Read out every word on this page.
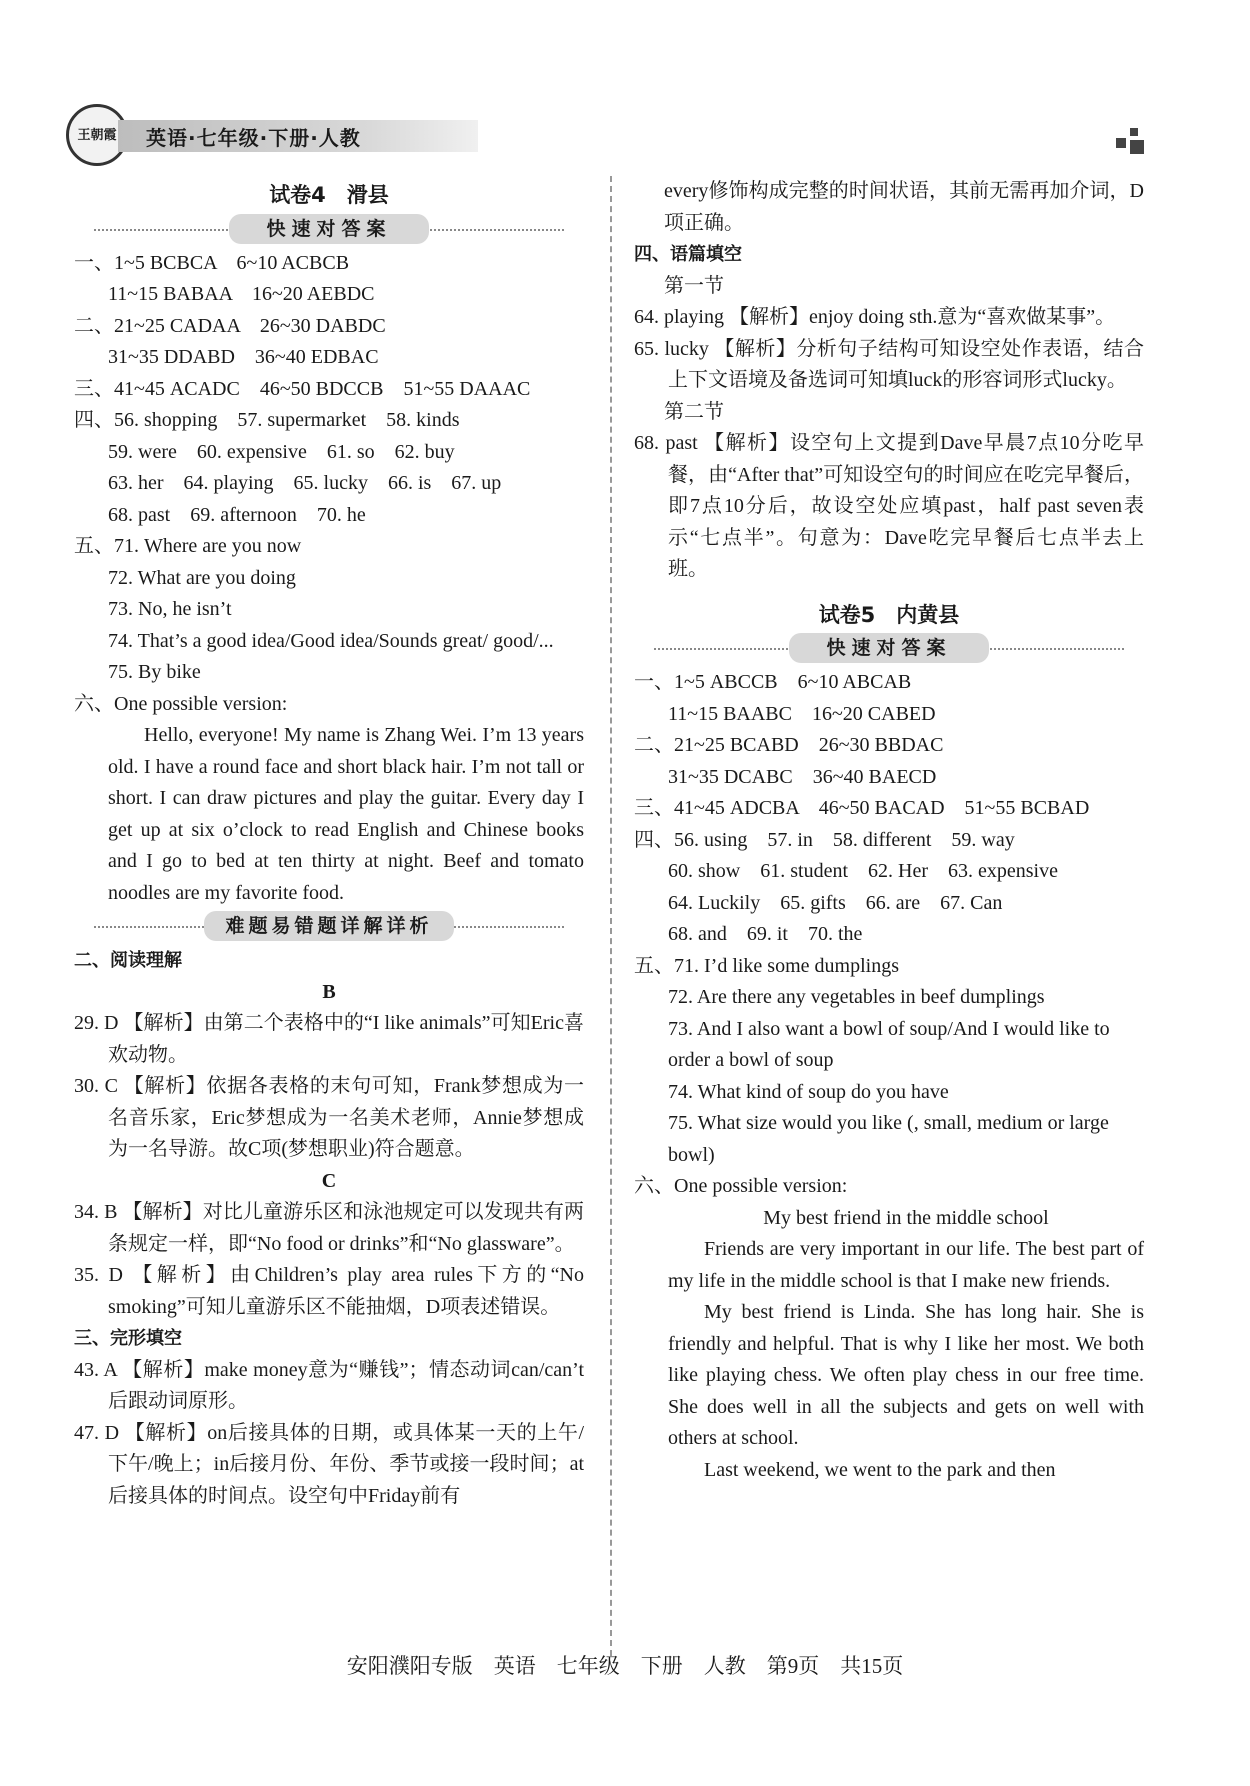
王朝霞 英语·七年级·下册·人教
试卷4　滑县
快速对答案
一、1~5 BCBCA　6~10 ACBCB
11~15 BABAA　16~20 AEBDC
二、21~25 CADAA　26~30 DABDC
31~35 DDABD　36~40 EDBAC
三、41~45 ACADC　46~50 BDCCB　51~55 DAAAC
四、56. shopping　57. supermarket　58. kinds
59. were　60. expensive　61. so　62. buy
63. her　64. playing　65. lucky　66. is　67. up
68. past　69. afternoon　70. he
五、71. Where are you now
72. What are you doing
73. No, he isn’t
74. That’s a good idea/Good idea/Sounds great/ good/...
75. By bike
六、One possible version:
Hello, everyone! My name is Zhang Wei. I’m 13 years old. I have a round face and short black hair. I’m not tall or short. I can draw pictures and play the guitar. Every day I get up at six o’clock to read English and Chinese books and I go to bed at ten thirty at night. Beef and tomato noodles are my favorite food.
难题易错题详解详析
二、阅读理解
B
29. D 【解析】由第二个表格中的“I like animals”可知Eric喜欢动物。
30. C 【解析】依据各表格的末句可知，Frank梦想成为一名音乐家，Eric梦想成为一名美术老师，Annie梦想成为一名导游。故C项(梦想职业)符合题意。
C
34. B 【解析】对比儿童游乐区和泳池规定可以发现共有两条规定一样，即“No food or drinks”和“No glassware”。
35. D 【解析】由Children’s play area rules下方的“No smoking”可知儿童游乐区不能抽烟，D项表述错误。
三、完形填空
43. A 【解析】make money意为“赚钱”；情态动词can/can’t后跟动词原形。
47. D 【解析】on后接具体的日期，或具体某一天的上午/下午/晚上；in后接月份、年份、季节或接一段时间；at后接具体的时间点。设空句中Friday前有
every修饰构成完整的时间状语，其前无需再加介词，D项正确。
四、语篇填空
第一节
64. playing 【解析】enjoy doing sth.意为“喜欢做某事”。
65. lucky 【解析】分析句子结构可知设空处作表语，结合上下文语境及备选词可知填luck的形容词形式lucky。
第二节
68. past 【解析】设空句上文提到Dave早晨7点10分吃早餐，由“After that”可知设空句的时间应在吃完早餐后，即7点10分后，故设空处应填past，half past seven表示“七点半”。句意为：Dave吃完早餐后七点半去上班。
试卷5　内黄县
快速对答案
一、1~5 ABCCB　6~10 ABCAB
11~15 BAABC　16~20 CABED
二、21~25 BCABD　26~30 BBDAC
31~35 DCABC　36~40 BAECD
三、41~45 ADCBA　46~50 BACAD　51~55 BCBAD
四、56. using　57. in　58. different　59. way
60. show　61. student　62. Her　63. expensive
64. Luckily　65. gifts　66. are　67. Can
68. and　69. it　70. the
五、71. I’d like some dumplings
72. Are there any vegetables in beef dumplings
73. And I also want a bowl of soup/And I would like to order a bowl of soup
74. What kind of soup do you have
75. What size would you like (, small, medium or large bowl)
六、One possible version:
My best friend in the middle school
Friends are very important in our life. The best part of my life in the middle school is that I make new friends.
My best friend is Linda. She has long hair. She is friendly and helpful. That is why I like her most. We both like playing chess. We often play chess in our free time. She does well in all the subjects and gets on well with others at school.
Last weekend, we went to the park and then
安阳濮阳专版　英语　七年级　下册　人教　第9页　共15页
